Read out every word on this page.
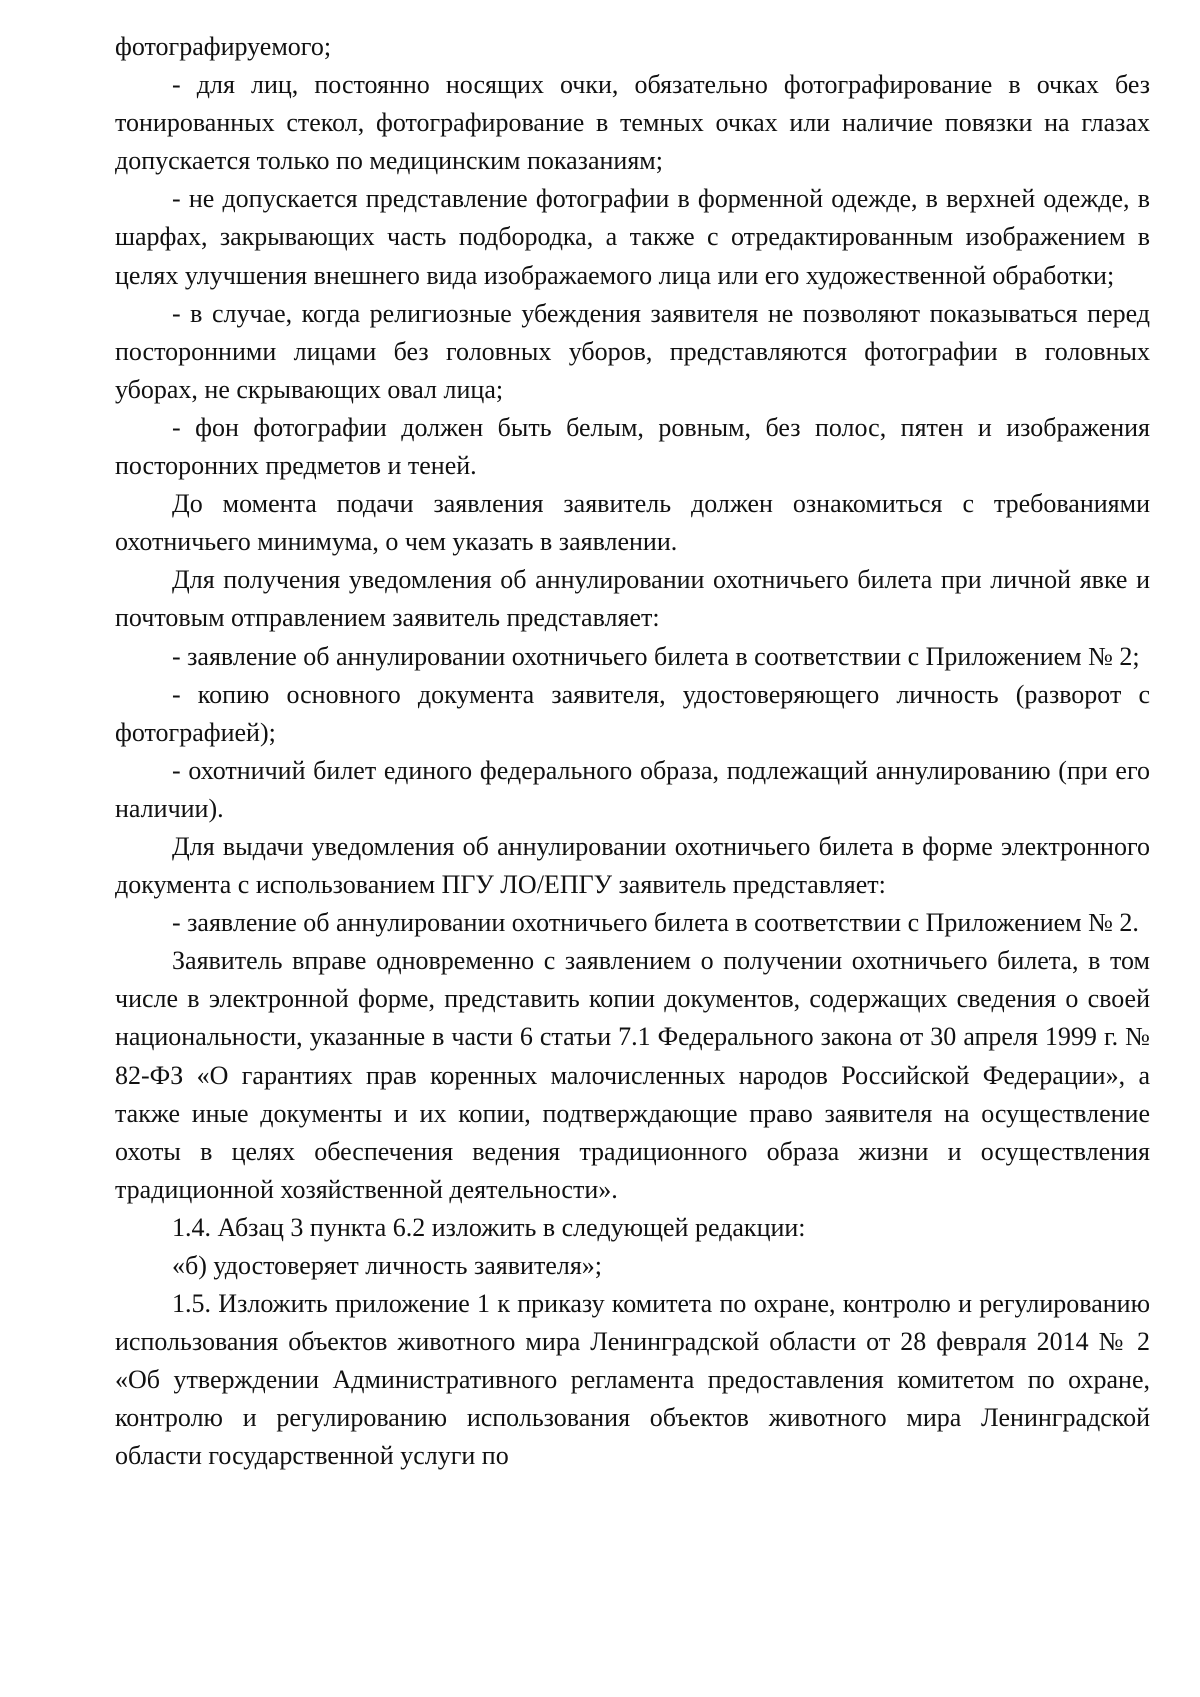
фотографируемого;

- для лиц, постоянно носящих очки, обязательно фотографирование в очках без тонированных стекол, фотографирование в темных очках или наличие повязки на глазах допускается только по медицинским показаниям;

- не допускается представление фотографии в форменной одежде, в верхней одежде, в шарфах, закрывающих часть подбородка, а также с отредактированным изображением в целях улучшения внешнего вида изображаемого лица или его художественной обработки;

- в случае, когда религиозные убеждения заявителя не позволяют показываться перед посторонними лицами без головных уборов, представляются фотографии в головных уборах, не скрывающих овал лица;

- фон фотографии должен быть белым, ровным, без полос, пятен и изображения посторонних предметов и теней.

До момента подачи заявления заявитель должен ознакомиться с требованиями охотничьего минимума, о чем указать в заявлении.

Для получения уведомления об аннулировании охотничьего билета при личной явке и почтовым отправлением заявитель представляет:

- заявление об аннулировании охотничьего билета в соответствии с Приложением № 2;

- копию основного документа заявителя, удостоверяющего личность (разворот с фотографией);

- охотничий билет единого федерального образа, подлежащий аннулированию (при его наличии).

Для выдачи уведомления об аннулировании охотничьего билета в форме электронного документа с использованием ПГУ ЛО/ЕПГУ заявитель представляет:

- заявление об аннулировании охотничьего билета в соответствии с Приложением № 2.

Заявитель вправе одновременно с заявлением о получении охотничьего билета, в том числе в электронной форме, представить копии документов, содержащих сведения о своей национальности, указанные в части 6 статьи 7.1 Федерального закона от 30 апреля 1999 г. № 82-ФЗ «О гарантиях прав коренных малочисленных народов Российской Федерации», а также иные документы и их копии, подтверждающие право заявителя на осуществление охоты в целях обеспечения ведения традиционного образа жизни и осуществления традиционной хозяйственной деятельности».

1.4. Абзац 3 пункта 6.2 изложить в следующей редакции:

«б) удостоверяет личность заявителя»;

1.5. Изложить приложение 1 к приказу комитета по охране, контролю и регулированию использования объектов животного мира Ленинградской области от 28 февраля 2014 № 2 «Об утверждении Административного регламента предоставления комитетом по охране, контролю и регулированию использования объектов животного мира Ленинградской области государственной услуги по
